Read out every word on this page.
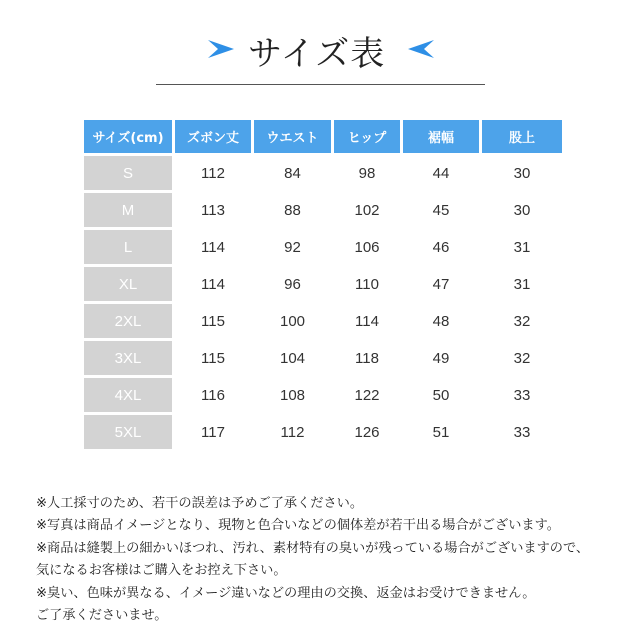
サイズ表
サイズ(cm)	ズボン丈	ウエスト	ヒップ	裾幅	股上
S	112	84	98	44	30
M	113	88	102	45	30
L	114	92	106	46	31
XL	114	96	110	47	31
2XL	115	100	114	48	32
3XL	115	104	118	49	32
4XL	116	108	122	50	33
5XL	117	112	126	51	33
※人工採寸のため、若干の誤差は予めご了承ください。
※写真は商品イメージとなり、現物と色合いなどの個体差が若干出る場合がございます。
※商品は縫製上の細かいほつれ、汚れ、素材特有の臭いが残っている場合がございますので、
気になるお客様はご購入をお控え下さい。
※臭い、色味が異なる、イメージ違いなどの理由の交換、返金はお受けできません。
ご了承くださいませ。
